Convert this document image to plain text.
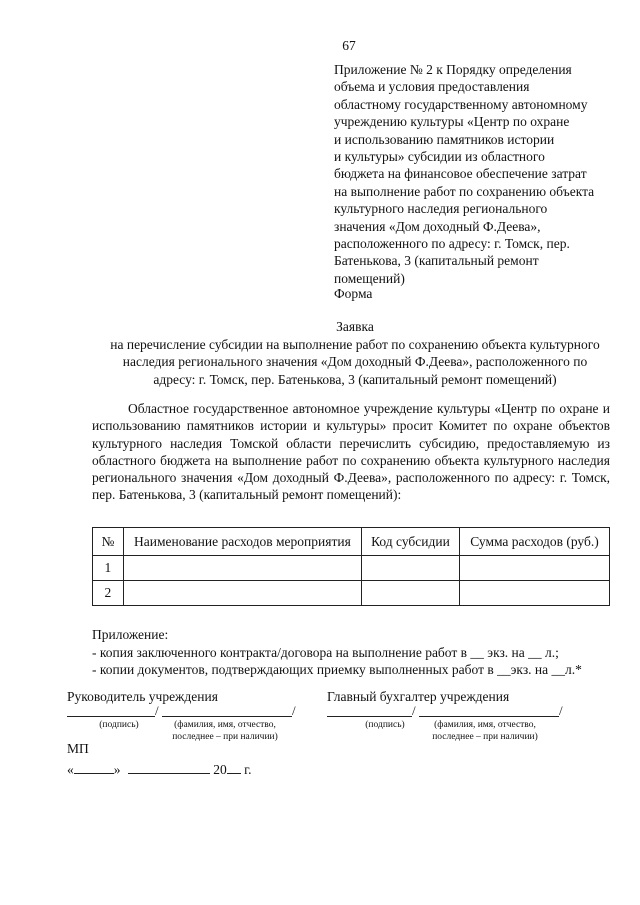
67
Приложение № 2 к Порядку определения
объема и условия предоставления
областному государственному автономному
учреждению культуры «Центр по охране
и использованию памятников истории
и культуры» субсидии из областного
бюджета на финансовое обеспечение затрат
на выполнение работ по сохранению объекта
культурного наследия регионального
значения «Дом доходный Ф.Деева»,
расположенного по адресу: г. Томск, пер.
Батенькова, 3 (капитальный ремонт
помещений)
Форма
Заявка
на перечисление субсидии на выполнение работ по сохранению объекта культурного
наследия регионального значения «Дом доходный Ф.Деева», расположенного по
адресу: г. Томск, пер. Батенькова, 3 (капитальный ремонт помещений)
Областное государственное автономное учреждение культуры «Центр по охране и использованию памятников истории и культуры» просит Комитет по охране объектов культурного наследия Томской области перечислить субсидию, предоставляемую из областного бюджета на выполнение работ по сохранению объекта культурного наследия регионального значения «Дом доходный Ф.Деева», расположенного по адресу: г. Томск, пер. Батенькова, 3 (капитальный ремонт помещений):
№	Наименование расходов мероприятия	Код субсидии	Сумма расходов (руб.)
1			
2			
Приложение:
- копия заключенного контракта/договора на выполнение работ в __ экз. на __ л.;
- копии документов, подтверждающих приемку выполненных работ в __экз. на __л.*
Руководитель учреждения
/	/
(подпись)	(фамилия, имя, отчество,
последнее – при наличии)
Главный бухгалтер учреждения
/	/
(подпись)	(фамилия, имя, отчество,
последнее – при наличии)
МП
«	»	20 г.
